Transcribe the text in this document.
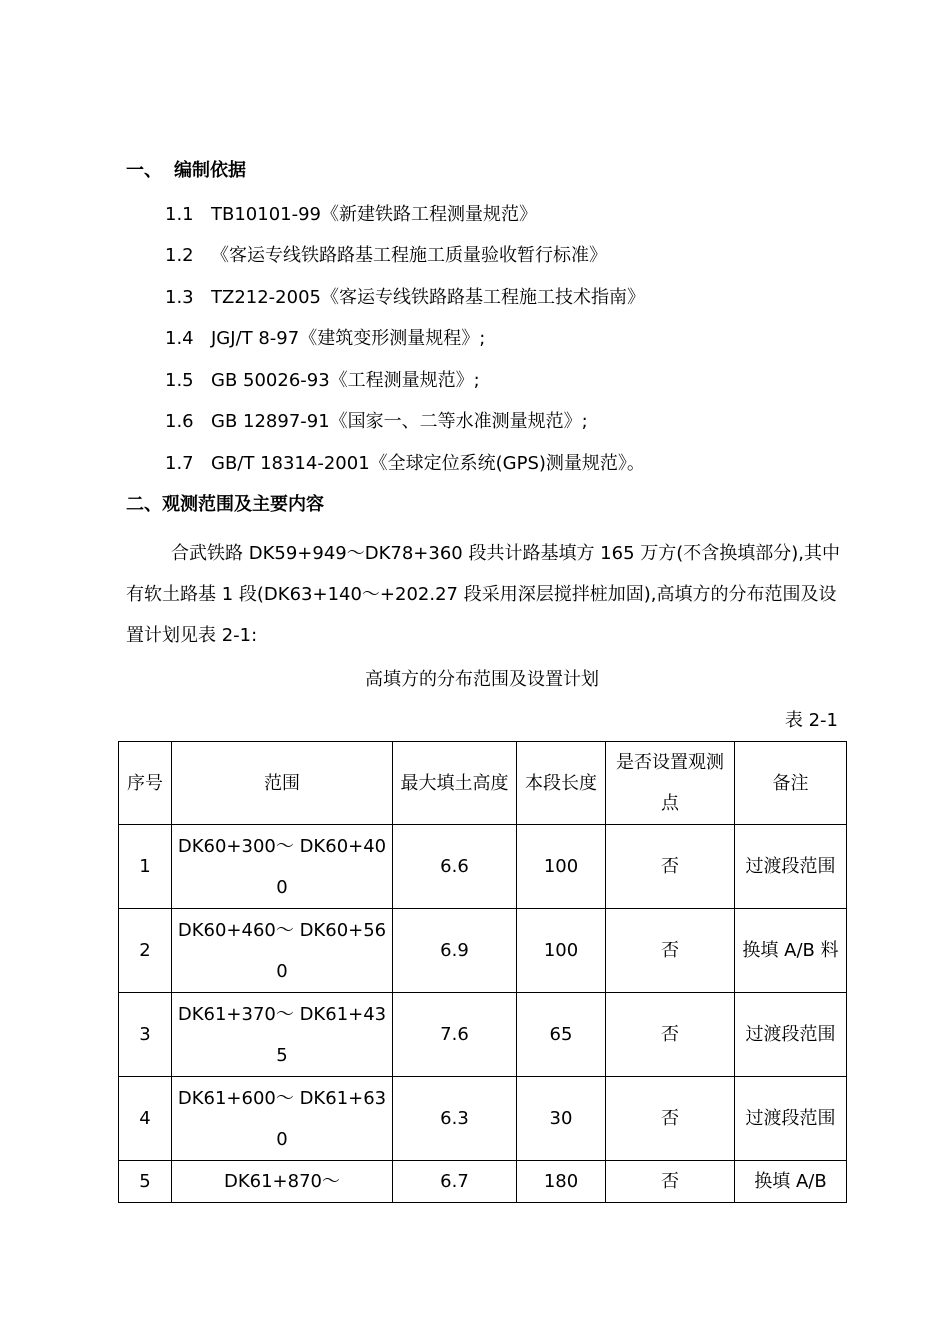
一、 编制依据
1.1 TB10101-99《新建铁路工程测量规范》
1.2 《客运专线铁路路基工程施工质量验收暂行标准》
1.3 TZ212-2005《客运专线铁路路基工程施工技术指南》
1.4 JGJ/T 8-97《建筑变形测量规程》;
1.5 GB 50026-93《工程测量规范》;
1.6 GB 12897-91《国家一、二等水准测量规范》;
1.7 GB/T 18314-2001《全球定位系统(GPS)测量规范》。
二、观测范围及主要内容
合武铁路 DK59+949～DK78+360 段共计路基填方 165 万方(不含换填部分),其中有软土路基 1 段(DK63+140～+202.27 段采用深层搅拌桩加固),高填方的分布范围及设置计划见表 2-1:
高填方的分布范围及设置计划
表 2-1
序号	范围	最大填土高度	本段长度	是否设置观测点	备注
1	DK60+300～ DK60+400	6.6	100	否	过渡段范围
2	DK60+460～ DK60+560	6.9	100	否	换填 A/B 料
3	DK61+370～ DK61+435	7.6	65	否	过渡段范围
4	DK61+600～ DK61+630	6.3	30	否	过渡段范围
5	DK61+870～	6.7	180	否	换填 A/B
